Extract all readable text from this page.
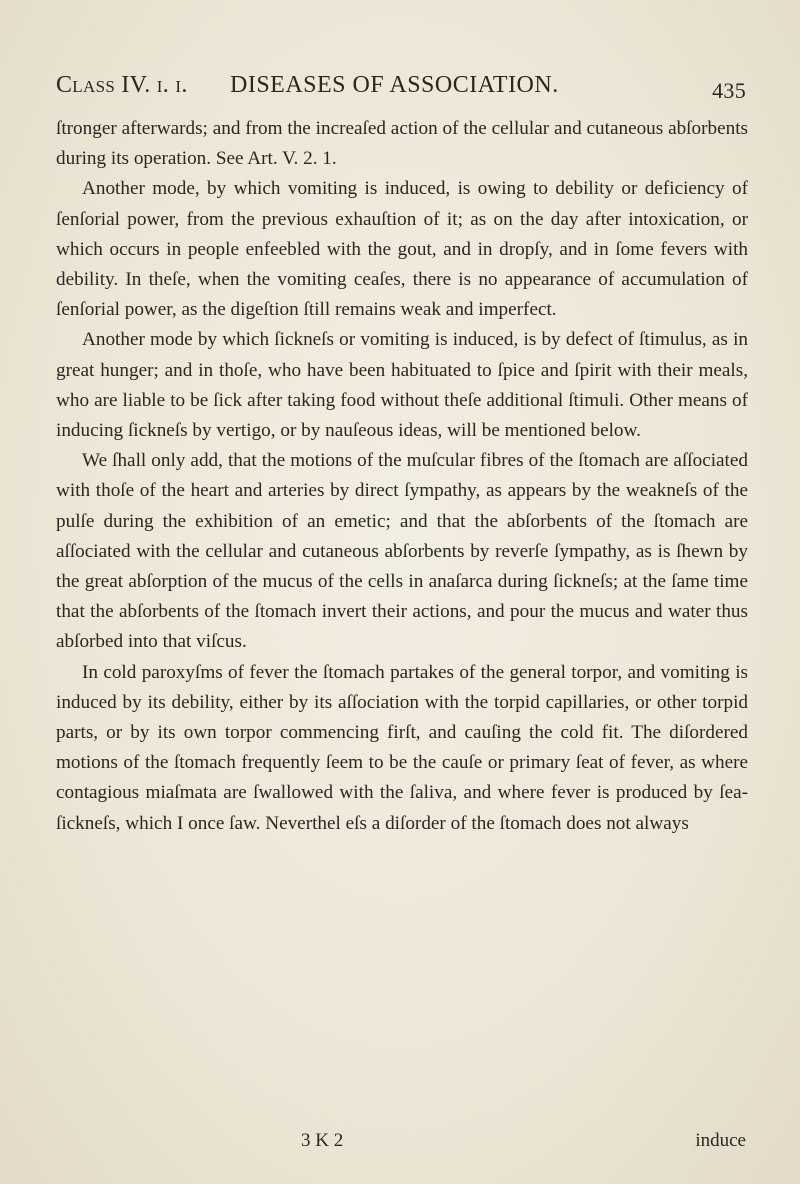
Class IV. i. i. DISEASES OF ASSOCIATION.	435

ſtronger afterwards; and from the increaſed action of the cellular and cutaneous abſorbents during its operation. See Art. V. 2. 1.

Another mode, by which vomiting is induced, is owing to debility or deficiency of ſenſorial power, from the previous exhauſtion of it; as on the day after intoxication, or which occurs in people enfeebled with the gout, and in dropſy, and in ſome fevers with debility. In theſe, when the vomiting ceaſes, there is no appearance of accumulation of ſenſorial power, as the digeſtion ſtill remains weak and imperfect.

Another mode by which ſickneſs or vomiting is induced, is by defect of ſtimulus, as in great hunger; and in thoſe, who have been habituated to ſpice and ſpirit with their meals, who are liable to be ſick after taking food without theſe additional ſtimuli. Other means of inducing ſickneſs by vertigo, or by nauſeous ideas, will be mentioned below.

We ſhall only add, that the motions of the muſcular fibres of the ſtomach are aſſociated with thoſe of the heart and arteries by direct ſympathy, as appears by the weakneſs of the pulſe during the exhibition of an emetic; and that the abſorbents of the ſtomach are aſſociated with the cellular and cutaneous abſorbents by reverſe ſympathy, as is ſhewn by the great abſorption of the mucus of the cells in anaſarca during ſickneſs; at the ſame time that the abſorbents of the ſtomach invert their actions, and pour the mucus and water thus abſorbed into that viſcus.

In cold paroxyſms of fever the ſtomach partakes of the general torpor, and vomiting is induced by its debility, either by its aſſociation with the torpid capillaries, or other torpid parts, or by its own torpor commencing firſt, and cauſing the cold fit. The diſordered motions of the ſtomach frequently ſeem to be the cauſe or primary ſeat of fever, as where contagious miaſmata are ſwallowed with the ſaliva, and where fever is produced by ſea-ſickneſs, which I once ſaw. Neverthel eſs a diſorder of the ſtomach does not always

3 K 2	induce
